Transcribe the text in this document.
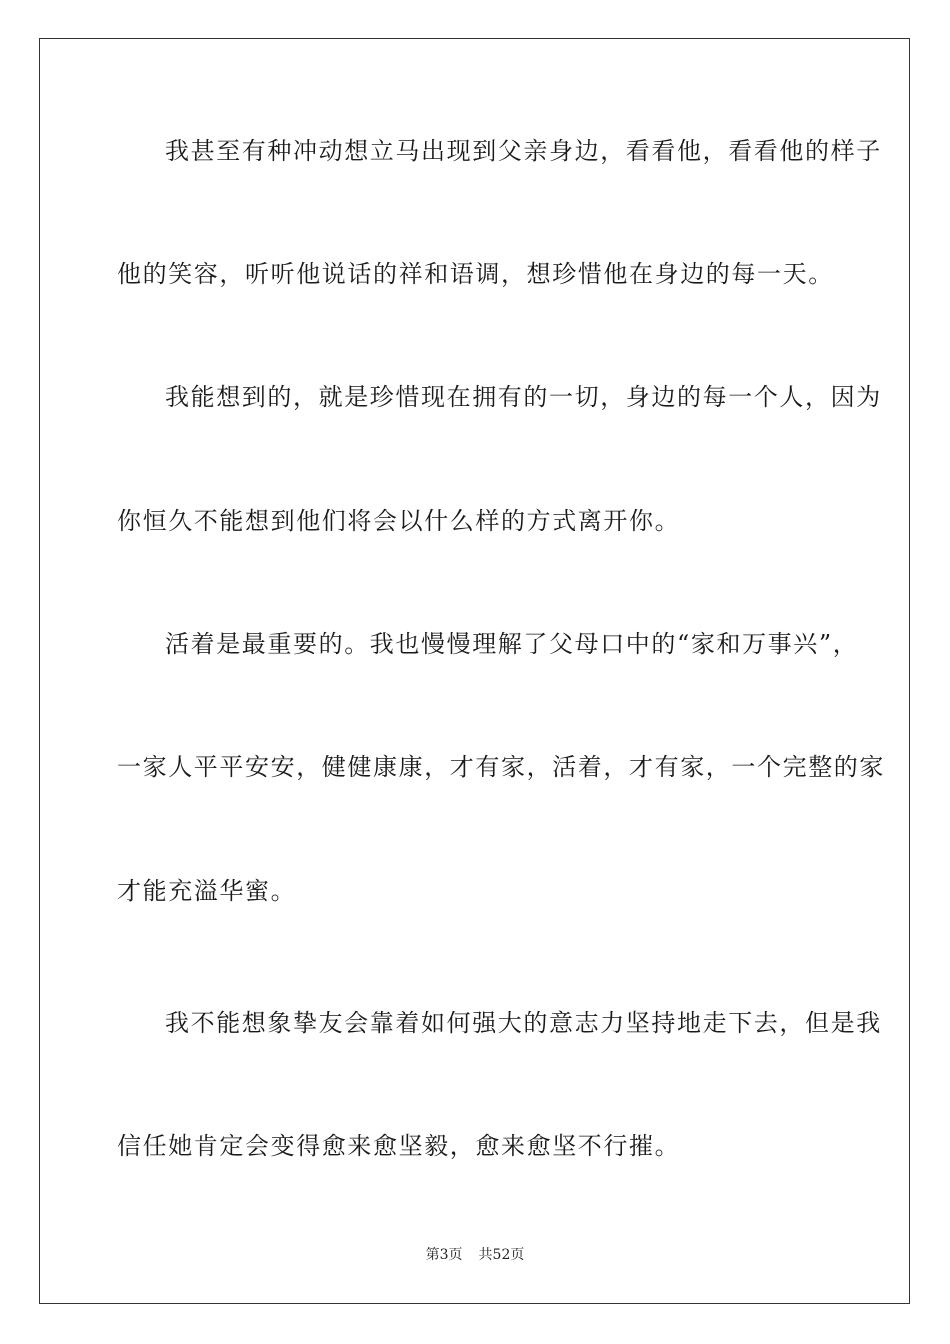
我甚至有种冲动想立马出现到父亲身边，看看他，看看他的样子
他的笑容，听听他说话的祥和语调，想珍惜他在身边的每一天。
我能想到的，就是珍惜现在拥有的一切，身边的每一个人，因为
你恒久不能想到他们将会以什么样的方式离开你。
活着是最重要的。我也慢慢理解了父母口中的“家和万事兴”，
一家人平平安安，健健康康，才有家，活着，才有家，一个完整的家
才能充溢华蜜。
我不能想象挚友会靠着如何强大的意志力坚持地走下去，但是我
信任她肯定会变得愈来愈坚毅，愈来愈坚不行摧。
第3页 共52页
